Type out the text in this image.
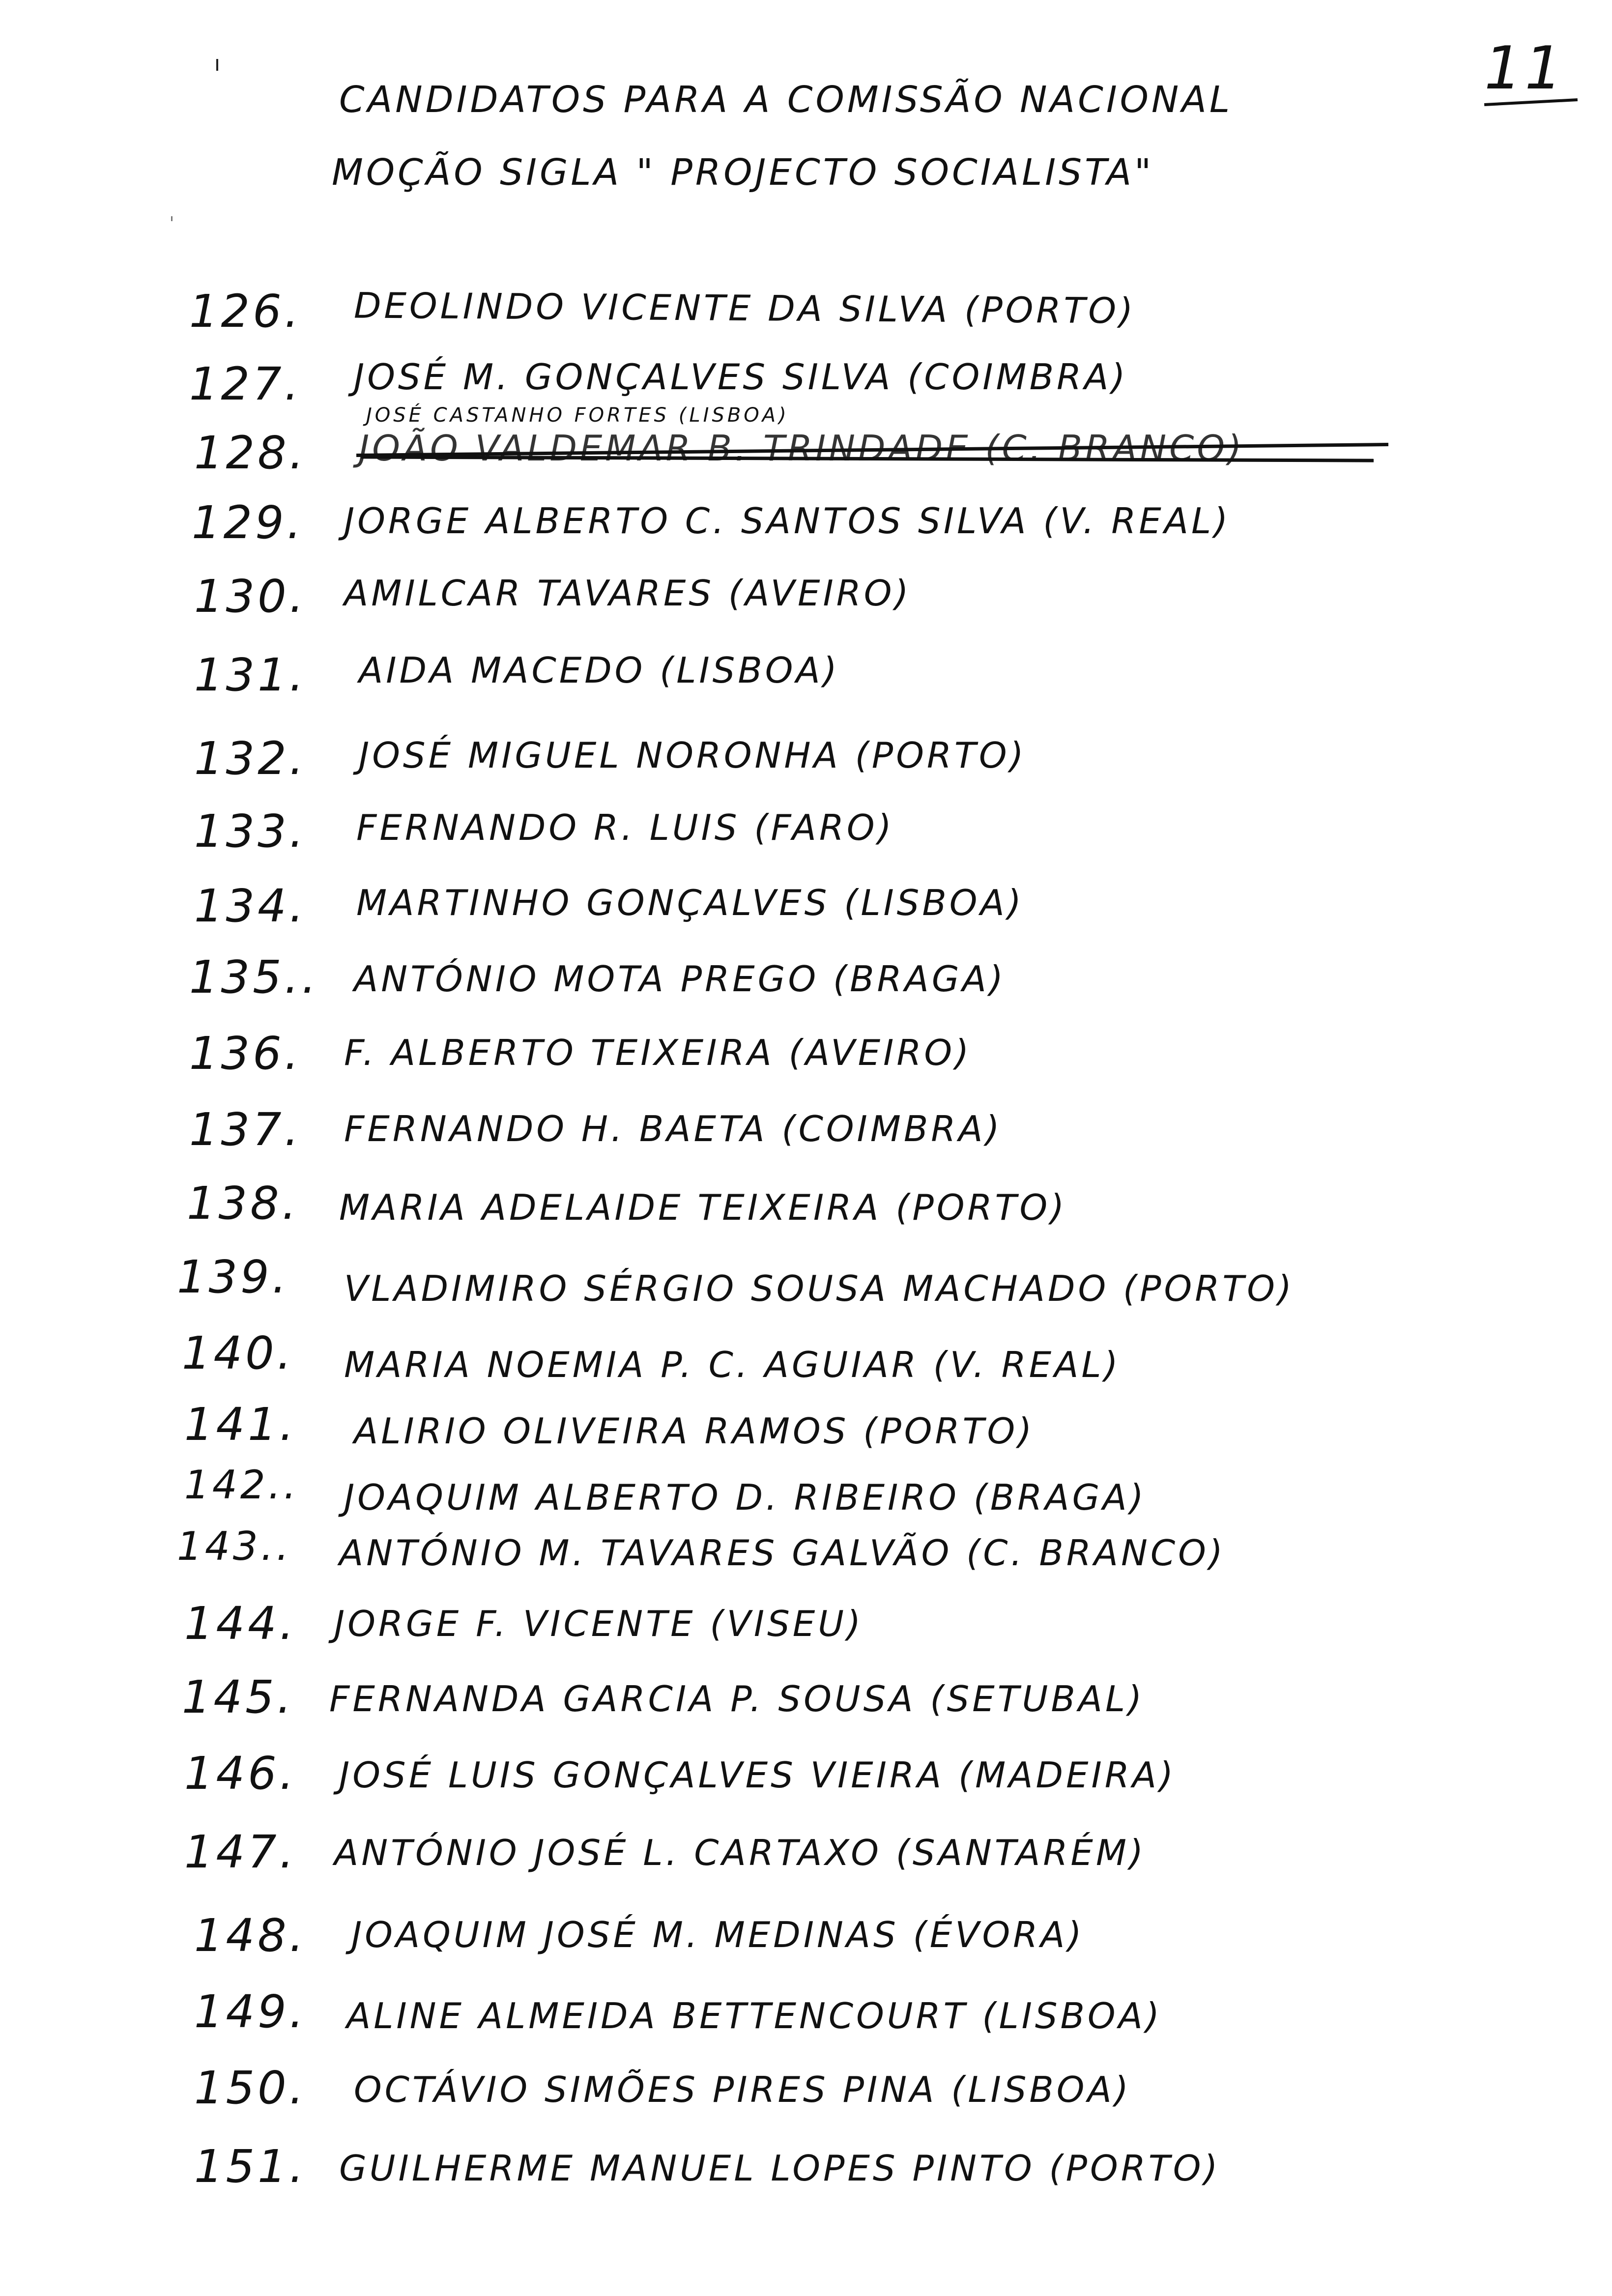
11
CANDIDATOS PARA A COMISSÃO NACIONAL
MOÇÃO SIGLA " PROJECTO SOCIALISTA"
126. DEOLINDO VICENTE DA SILVA (PORTO)
127. JOSÉ M. GONÇALVES SILVA (COIMBRA)
128.
JOSÉ CASTANHO FORTES (LISBOA)
JOÃO VALDEMAR B. TRINDADE (C. BRANCO)
129. JORGE ALBERTO C. SANTOS SILVA (V. REAL)
130. AMILCAR TAVARES (AVEIRO)
131. AIDA MACEDO (LISBOA)
132. JOSÉ MIGUEL NORONHA (PORTO)
133. FERNANDO R. LUIS (FARO)
134. MARTINHO GONÇALVES (LISBOA)
135.. ANTÓNIO MOTA PREGO (BRAGA)
136. F. ALBERTO TEIXEIRA (AVEIRO)
137. FERNANDO H. BAETA (COIMBRA)
138. MARIA ADELAIDE TEIXEIRA (PORTO)
139. VLADIMIRO SÉRGIO SOUSA MACHADO (PORTO)
140. MARIA NOEMIA P. C. AGUIAR (V. REAL)
141. ALIRIO OLIVEIRA RAMOS (PORTO)
142.. JOAQUIM ALBERTO D. RIBEIRO (BRAGA)
143.. ANTÓNIO M. TAVARES GALVÃO (C. BRANCO)
144. JORGE F. VICENTE (VISEU)
145. FERNANDA GARCIA P. SOUSA (SETUBAL)
146. JOSÉ LUIS GONÇALVES VIEIRA (MADEIRA)
147. ANTÓNIO JOSÉ L. CARTAXO (SANTARÉM)
148. JOAQUIM JOSÉ M. MEDINAS (ÉVORA)
149. ALINE ALMEIDA BETTENCOURT (LISBOA)
150. OCTÁVIO SIMÕES PIRES PINA (LISBOA)
151. GUILHERME MANUEL LOPES PINTO (PORTO)
